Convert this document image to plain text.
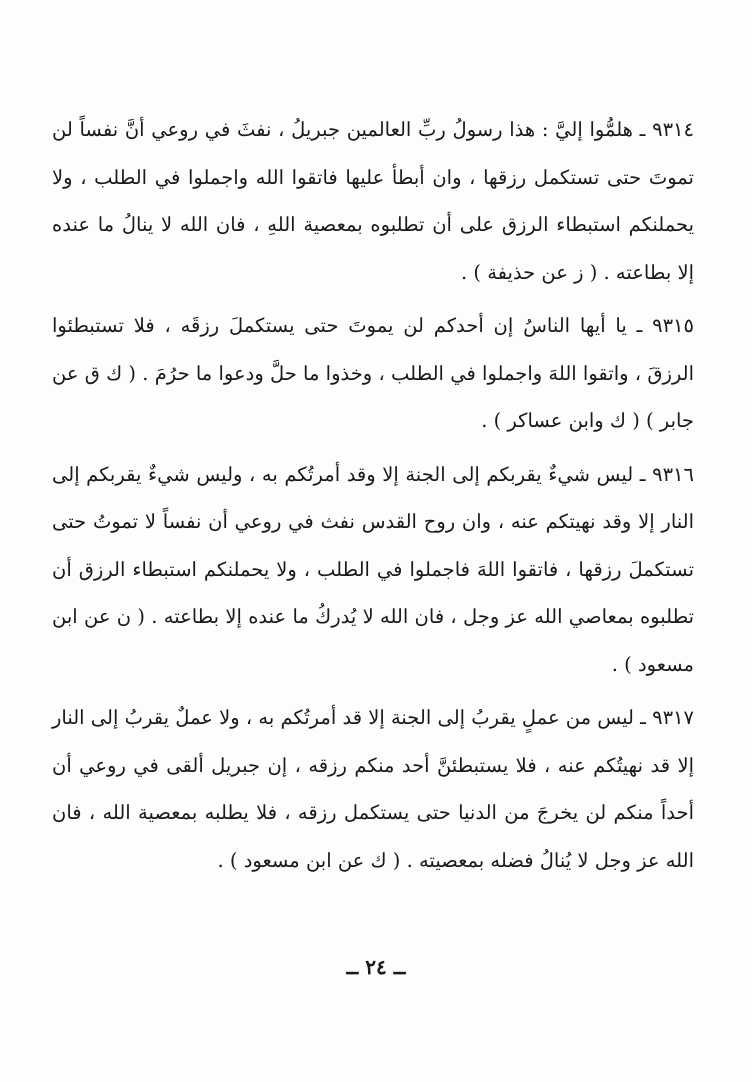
٩٣١٤ ـ هلمُّوا إليَّ : هذا رسولُ ربِّ العالمين جبريلُ ، نفثَ في روعي أنَّ نفساً لن تموتَ حتى تستكمل رزقها ، وان أبطأ عليها فاتقوا الله واجملوا في الطلب ، ولا يحملنكم استبطاء الرزق على أن تطلبوه بمعصية اللهِ ، فان الله لا ينالُ ما عنده إلا بطاعته . ( ز عن حذيفة ) .

٩٣١٥ ـ يا أيها الناسُ إن أحدكم لن يموتَ حتى يستكملَ رزقَه ، فلا تستبطئوا الرزقَ ، واتقوا اللهَ واجملوا في الطلب ، وخذوا ما حلَّ ودعوا ما حرُمَ . ( ك ق عن جابر ) ( ك وابن عساكر ) .

٩٣١٦ ـ ليس شيءٌ يقربكم إلى الجنة إلا وقد أمرتُكم به ، وليس شيءٌ يقربكم إلى النار إلا وقد نهيتكم عنه ، وان روح القدس نفث في روعي أن نفساً لا تموتُ حتى تستكملَ رزقها ، فاتقوا اللهَ فاجملوا في الطلب ، ولا يحملنكم استبطاء الرزق أن تطلبوه بمعاصي الله عز وجل ، فان الله لا يُدركُ ما عنده إلا بطاعته . ( ن عن ابن مسعود ) .

٩٣١٧ ـ ليس من عملٍ يقربُ إلى الجنة إلا قد أمرتُكم به ، ولا عملٌ يقربُ إلى النار إلا قد نهيتُكم عنه ، فلا يستبطئنَّ أحد منكم رزقه ، إن جبريل ألقى في روعي أن أحداً منكم لن يخرجَ من الدنيا حتى يستكمل رزقه ، فلا يطلبه بمعصية الله ، فان الله عز وجل لا يُنالُ فضله بمعصيته . ( ك عن ابن مسعود ) .

ــ ٢٤ ــ
